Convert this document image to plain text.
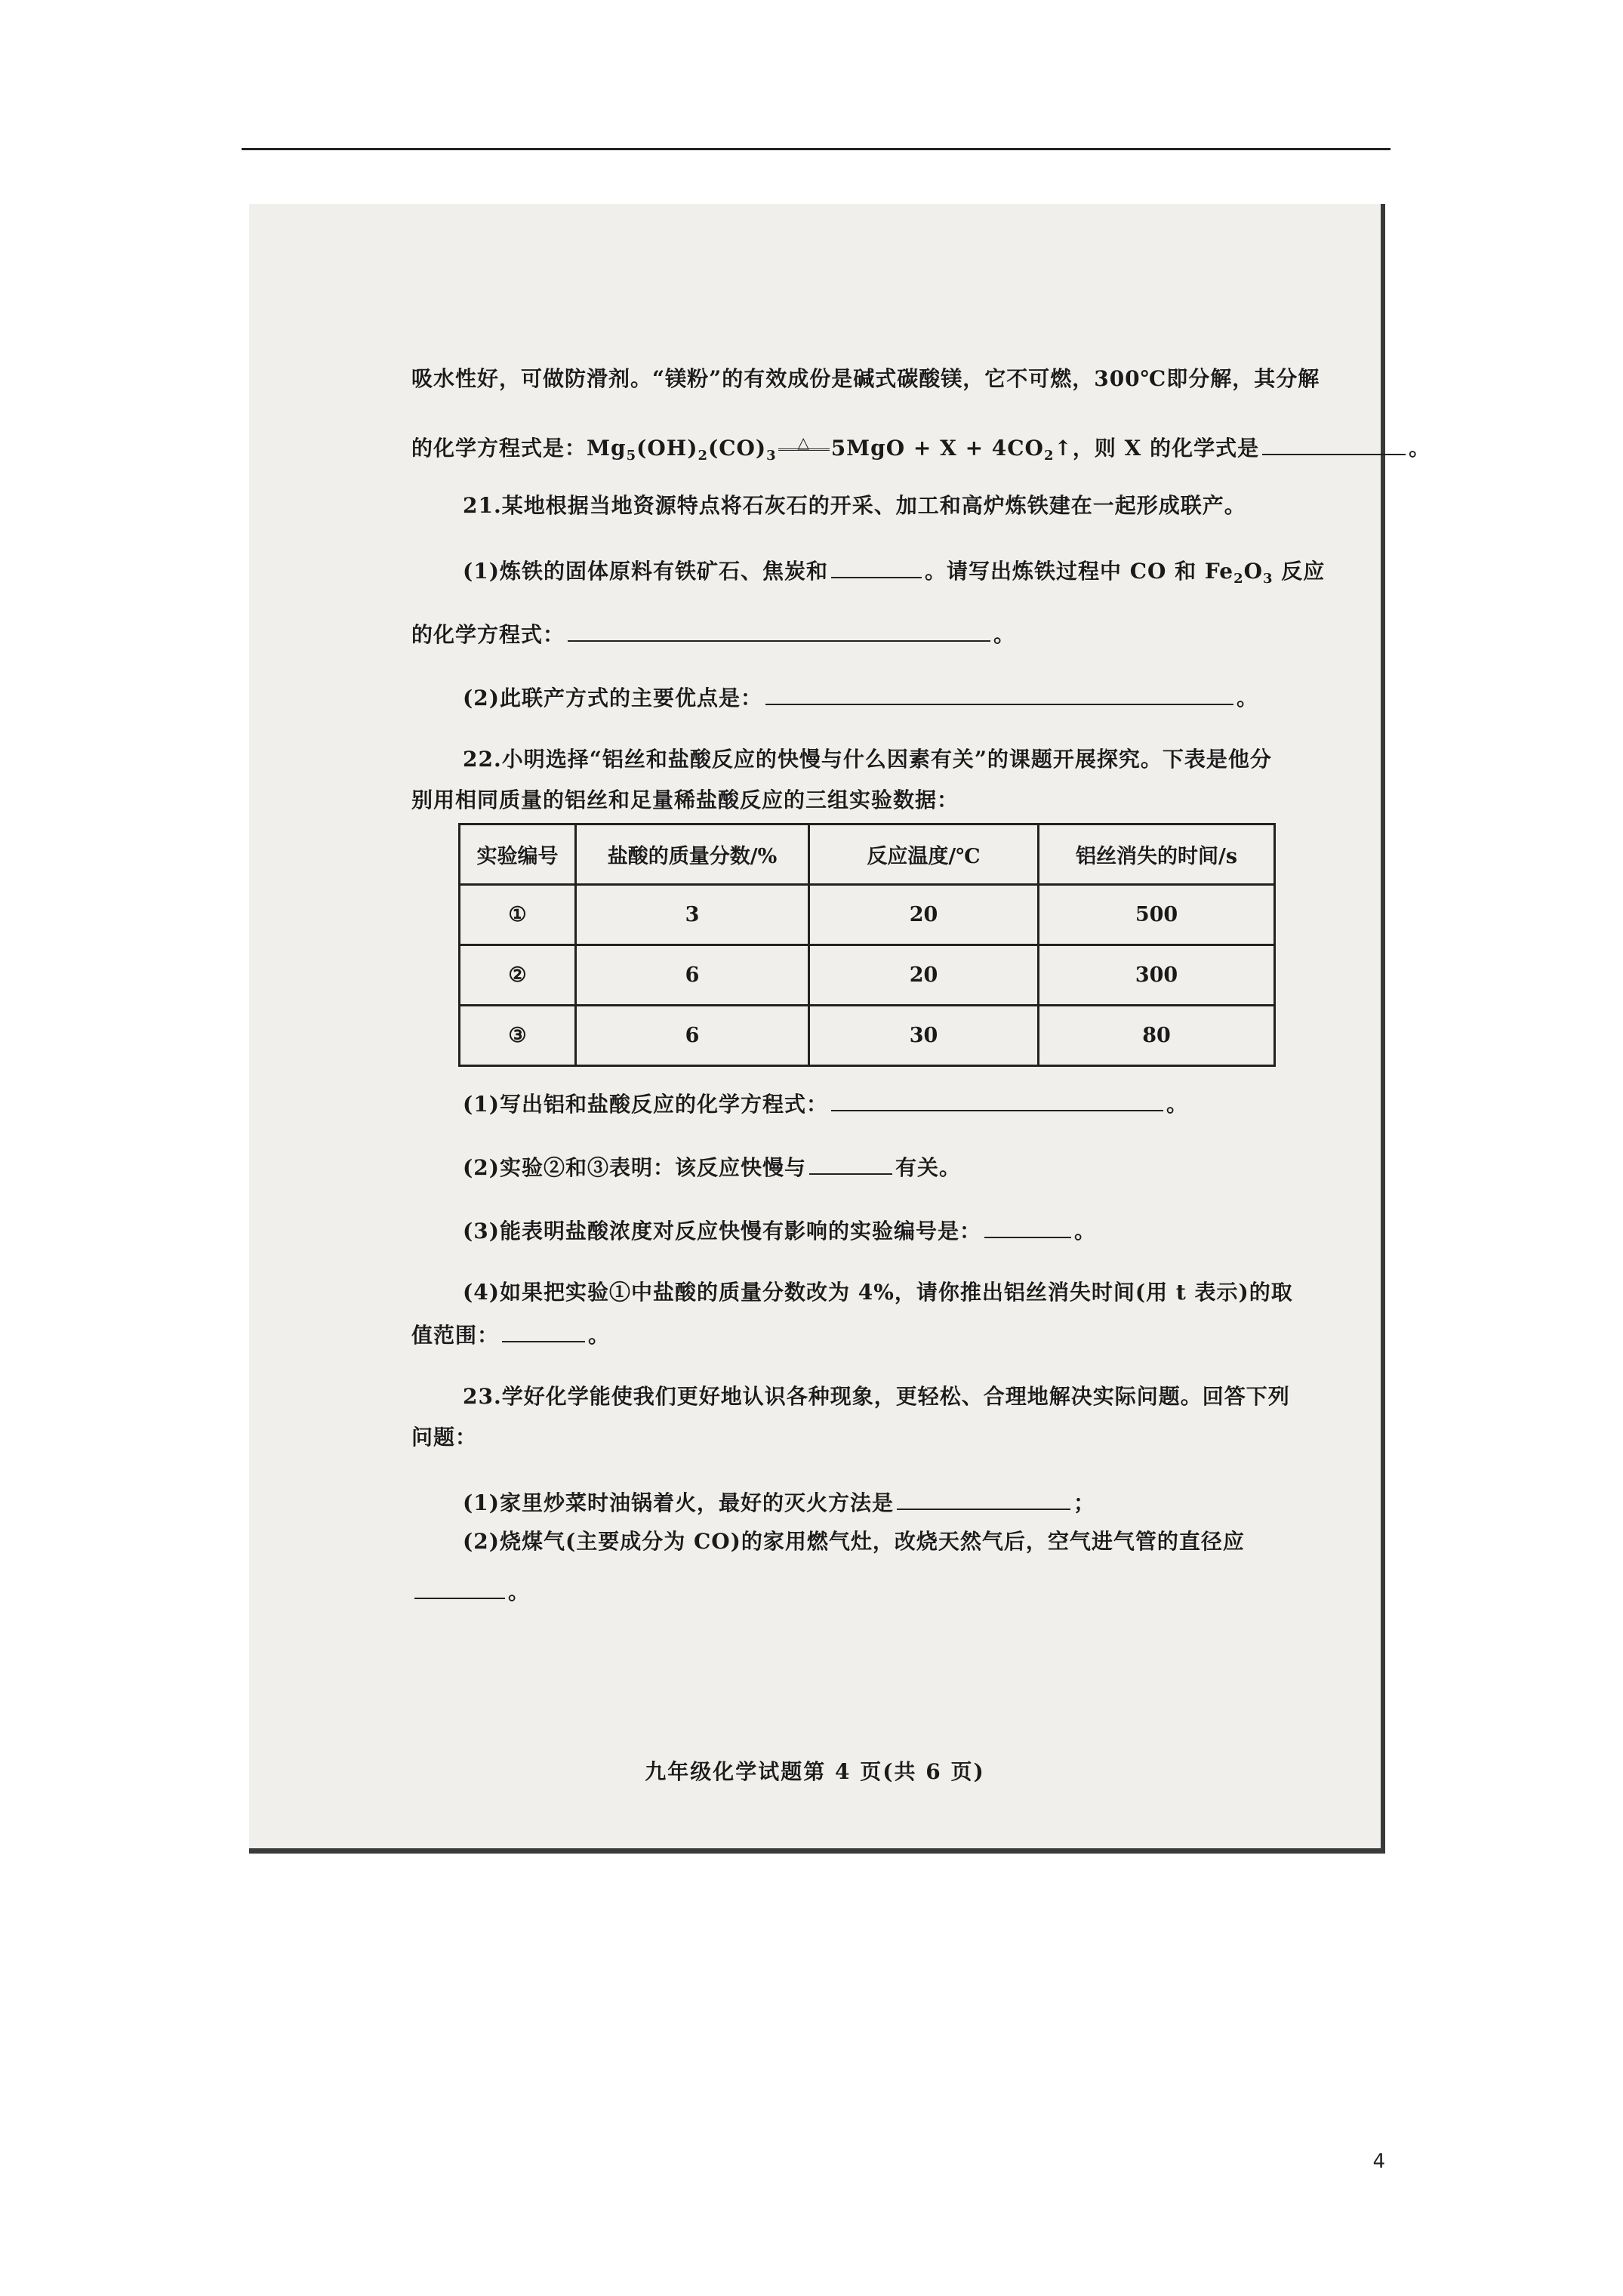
吸水性好，可做防滑剂。“镁粉”的有效成份是碱式碳酸镁，它不可燃，300℃即分解，其分解
的化学方程式是：$Mg_5(OH)_2(CO)_3\triangle$ $5MgO + X + 4CO_2↑$，则 X 的化学式是	。
21.某地根据当地资源特点将石灰石的开采、加工和高炉炼铁建在一起形成联产。
(1)炼铁的固体原料有铁矿石、焦炭和	。请写出炼铁过程中 CO 和 $Fe_2O_3$ 反应
的化学方程式：	。
(2)此联产方式的主要优点是：	。
22.小明选择“铝丝和盐酸反应的快慢与什么因素有关”的课题开展探究。下表是他分
别用相同质量的铝丝和足量稀盐酸反应的三组实验数据：
实验编号	盐酸的质量分数/%	反应温度/℃	铝丝消失的时间/s
①	3	20	500
②	6	20	300
③	6	30	80
(1)写出铝和盐酸反应的化学方程式：	。
(2)实验②和③表明：该反应快慢与	有关。
(3)能表明盐酸浓度对反应快慢有影响的实验编号是：	。
(4)如果把实验①中盐酸的质量分数改为 4%，请你推出铝丝消失时间(用 t 表示)的取
值范围：	。
23.学好化学能使我们更好地认识各种现象，更轻松、合理地解决实际问题。回答下列
问题：
(1)家里炒菜时油锅着火，最好的灭火方法是	；
(2)烧煤气(主要成分为 CO)的家用燃气灶，改烧天然气后，空气进气管的直径应
。
九年级化学试题第 4 页(共 6 页)
4
